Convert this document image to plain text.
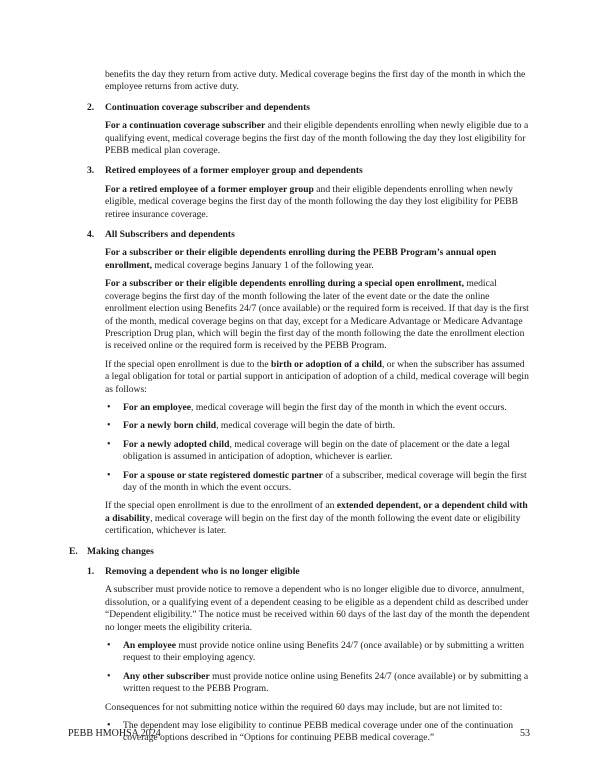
benefits the day they return from active duty. Medical coverage begins the first day of the month in which the employee returns from active duty.

2. Continuation coverage subscriber and dependents

For a continuation coverage subscriber and their eligible dependents enrolling when newly eligible due to a qualifying event, medical coverage begins the first day of the month following the day they lost eligibility for PEBB medical plan coverage.

3. Retired employees of a former employer group and dependents

For a retired employee of a former employer group and their eligible dependents enrolling when newly eligible, medical coverage begins the first day of the month following the day they lost eligibility for PEBB retiree insurance coverage.

4. All Subscribers and dependents

For a subscriber or their eligible dependents enrolling during the PEBB Program’s annual open enrollment, medical coverage begins January 1 of the following year.

For a subscriber or their eligible dependents enrolling during a special open enrollment, medical coverage begins the first day of the month following the later of the event date or the date the online enrollment election using Benefits 24/7 (once available) or the required form is received. If that day is the first of the month, medical coverage begins on that day, except for a Medicare Advantage or Medicare Advantage Prescription Drug plan, which will begin the first day of the month following the date the enrollment election is received online or the required form is received by the PEBB Program.

If the special open enrollment is due to the birth or adoption of a child, or when the subscriber has assumed a legal obligation for total or partial support in anticipation of adoption of a child, medical coverage will begin as follows:

• For an employee, medical coverage will begin the first day of the month in which the event occurs.
• For a newly born child, medical coverage will begin the date of birth.
• For a newly adopted child, medical coverage will begin on the date of placement or the date a legal obligation is assumed in anticipation of adoption, whichever is earlier.
• For a spouse or state registered domestic partner of a subscriber, medical coverage will begin the first day of the month in which the event occurs.

If the special open enrollment is due to the enrollment of an extended dependent, or a dependent child with a disability, medical coverage will begin on the first day of the month following the event date or eligibility certification, whichever is later.

E. Making changes
1. Removing a dependent who is no longer eligible

A subscriber must provide notice to remove a dependent who is no longer eligible due to divorce, annulment, dissolution, or a qualifying event of a dependent ceasing to be eligible as a dependent child as described under “Dependent eligibility.” The notice must be received within 60 days of the last day of the month the dependent no longer meets the eligibility criteria.

• An employee must provide notice online using Benefits 24/7 (once available) or by submitting a written request to their employing agency.
• Any other subscriber must provide notice online using Benefits 24/7 (once available) or by submitting a written request to the PEBB Program.

Consequences for not submitting notice within the required 60 days may include, but are not limited to:

• The dependent may lose eligibility to continue PEBB medical coverage under one of the continuation coverage options described in “Options for continuing PEBB medical coverage.”
PEBB HMOHSA 2024	53
